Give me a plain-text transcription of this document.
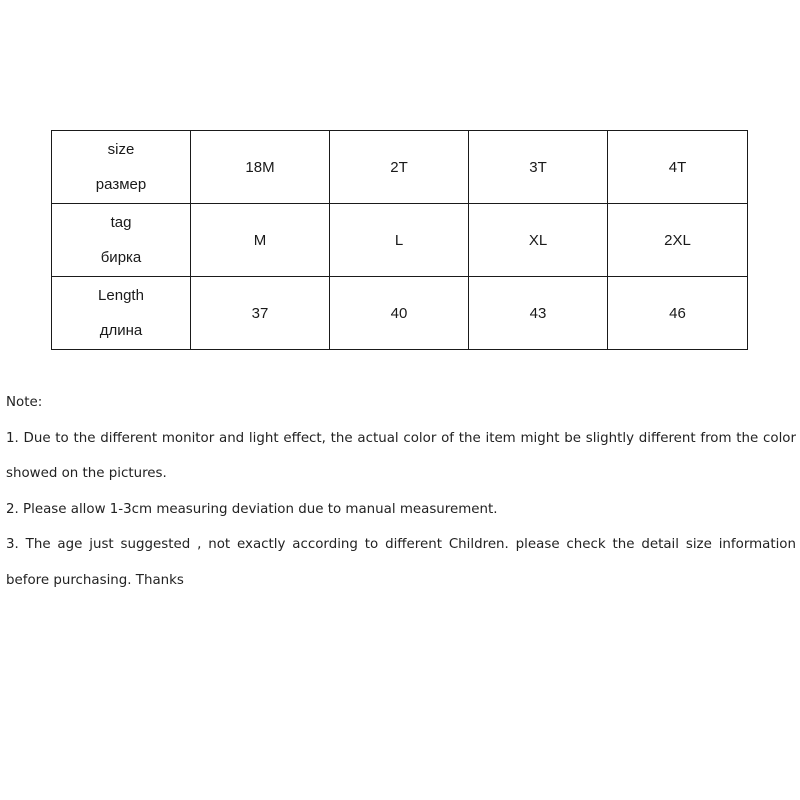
size
размер	18M	2T	3T	4T

tag
бирка	M	L	XL	2XL

Length
длина	37	40	43	46

Note:

1. Due to the different monitor and light effect, the actual color of the item might be slightly different from the color showed on the pictures.

2. Please allow 1-3cm measuring deviation due to manual measurement.

3. The age just suggested , not exactly according to different Children. please check the detail size information before purchasing. Thanks
